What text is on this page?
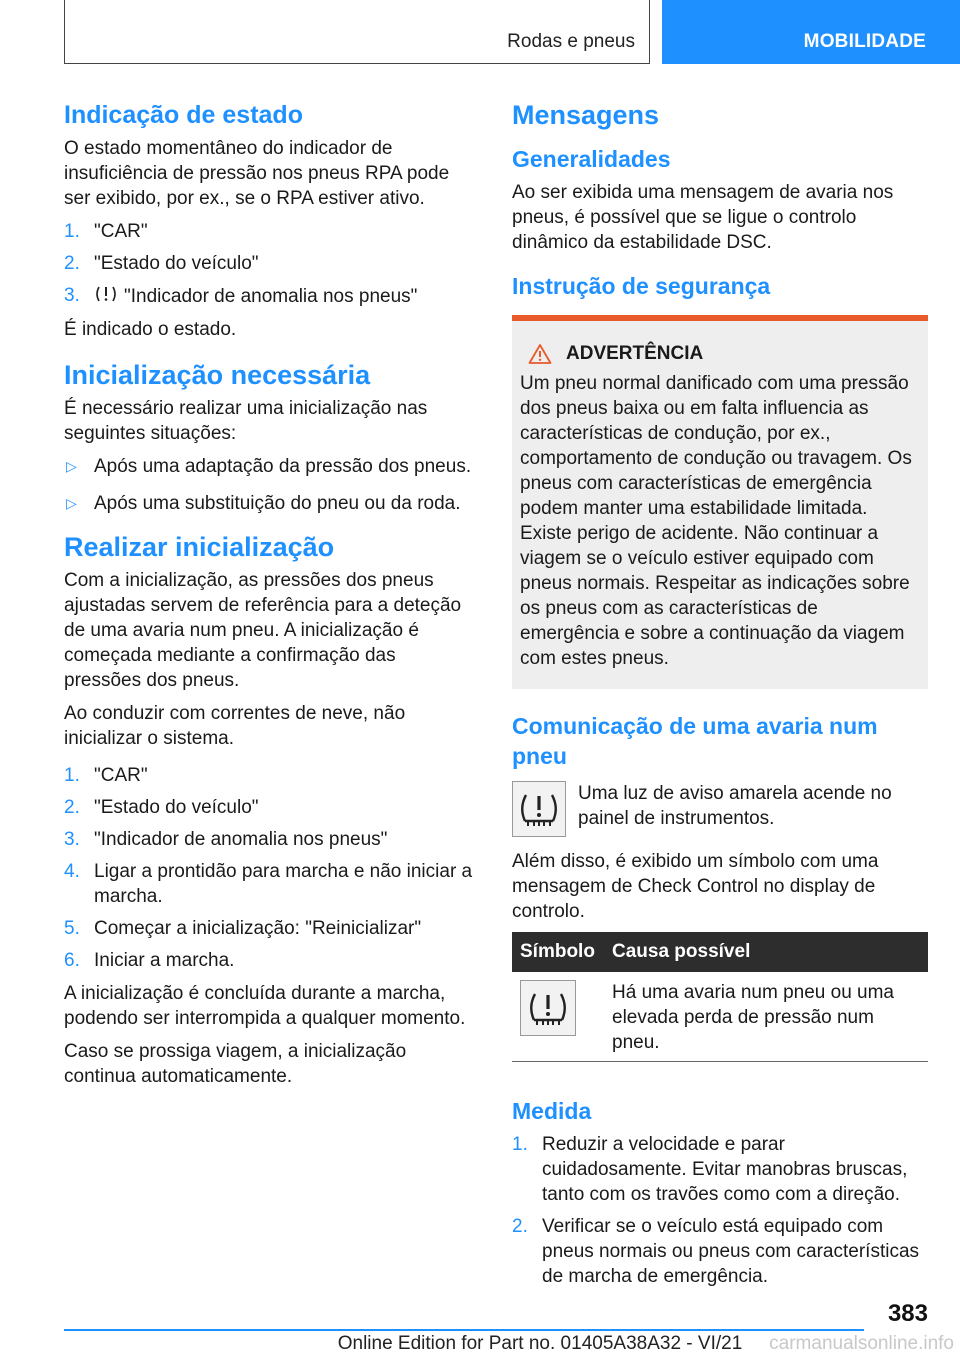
Rodas e pneus	MOBILIDADE
Indicação de estado

O estado momentâneo do indicador de insuficiência de pressão nos pneus RPA pode ser exibido, por ex., se o RPA estiver ativo.

1. "CAR"
2. "Estado do veículo"
3. "Indicador de anomalia nos pneus"

É indicado o estado.

Inicialização necessária

É necessário realizar uma inicialização nas seguintes situações:

▷ Após uma adaptação da pressão dos pneus.
▷ Após uma substituição do pneu ou da roda.
Realizar inicialização

Com a inicialização, as pressões dos pneus ajustadas servem de referência para a deteção de uma avaria num pneu. A inicialização é começada mediante a confirmação das pressões dos pneus.

Ao conduzir com correntes de neve, não inicializar o sistema.

1. "CAR"
2. "Estado do veículo"
3. "Indicador de anomalia nos pneus"
4. Ligar a prontidão para marcha e não iniciar a marcha.
5. Começar a inicialização: "Reinicializar"
6. Iniciar a marcha.

A inicialização é concluída durante a marcha, podendo ser interrompida a qualquer momento.

Caso se prossiga viagem, a inicialização continua automaticamente.

Mensagens
Generalidades

Ao ser exibida uma mensagem de avaria nos pneus, é possível que se ligue o controlo dinâmico da estabilidade DSC.

Instrução de segurança
ADVERTÊNCIA

Um pneu normal danificado com uma pressão dos pneus baixa ou em falta influencia as características de condução, por ex., comportamento de condução ou travagem. Os pneus com características de emergência podem manter uma estabilidade limitada. Existe perigo de acidente. Não continuar a viagem se o veículo estiver equipado com pneus normais. Respeitar as indicações sobre os pneus com as características de emergência e sobre a continuação da viagem com estes pneus.

Comunicação de uma avaria num pneu

Uma luz de aviso amarela acende no painel de instrumentos.

Além disso, é exibido um símbolo com uma mensagem de Check Control no display de controlo.

Símbolo	Causa possível

	Há uma avaria num pneu ou uma elevada perda de pressão num pneu.
Medida
1. Reduzir a velocidade e parar cuidadosamente. Evitar manobras bruscas, tanto com os travões como com a direção.
2. Verificar se o veículo está equipado com pneus normais ou pneus com características de marcha de emergência.
383
Online Edition for Part no. 01405A38A32 - VI/21	carmanualsonline.info
